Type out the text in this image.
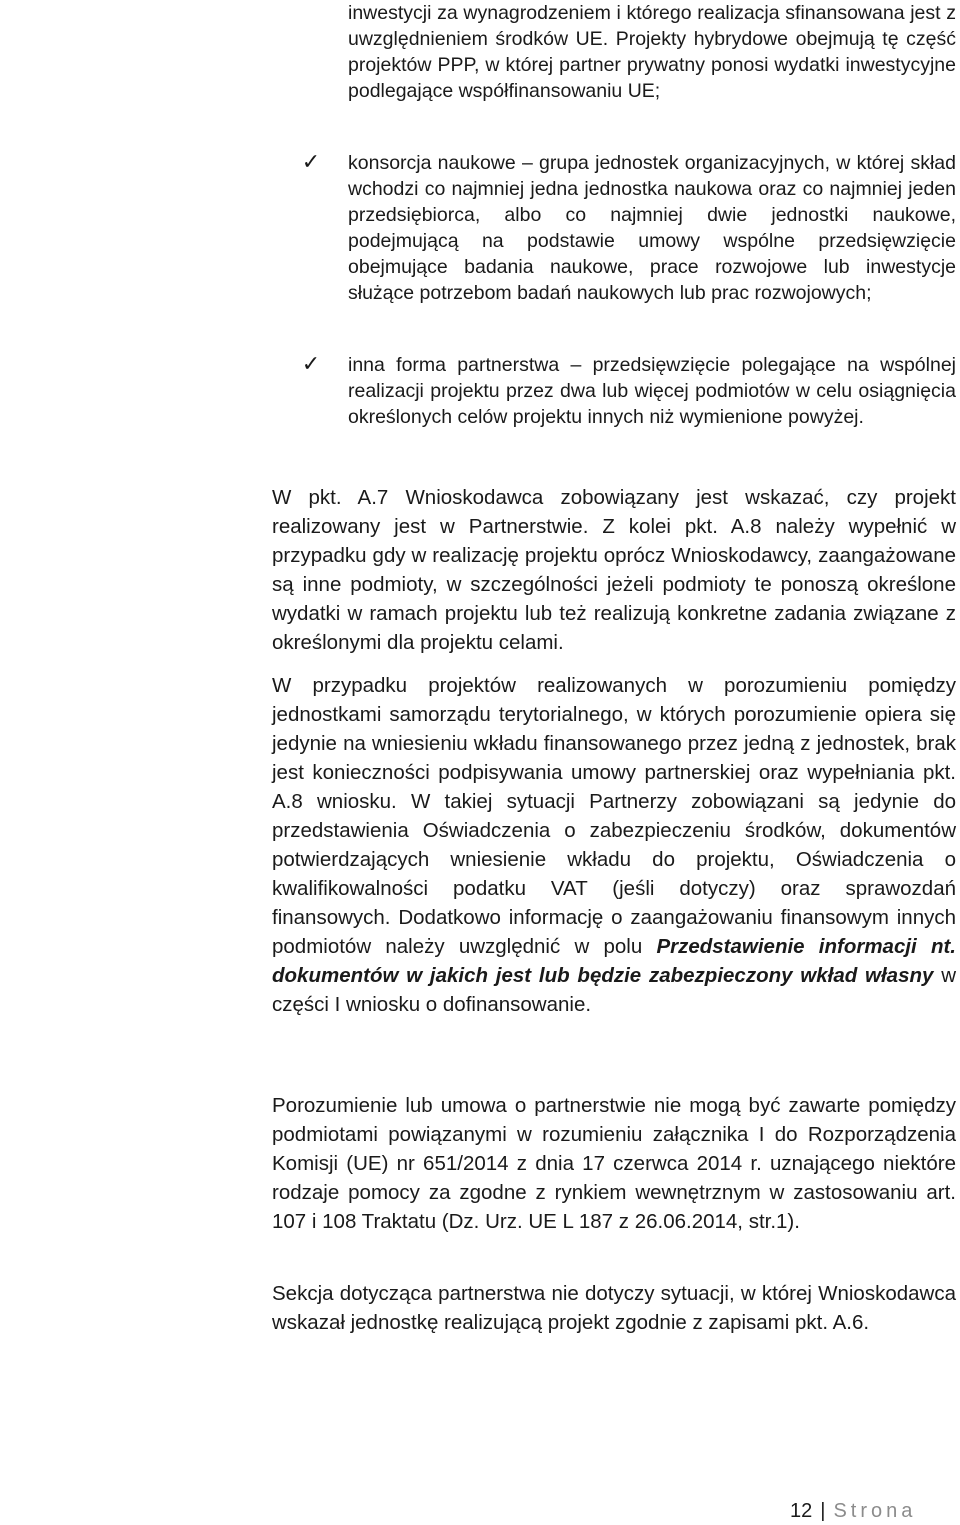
inwestycji za wynagrodzeniem i którego realizacja sfinansowana jest z uwzględnieniem środków UE. Projekty hybrydowe obejmują tę część projektów PPP, w której partner prywatny ponosi wydatki inwestycyjne podlegające współfinansowaniu UE;

✓ konsorcja naukowe – grupa jednostek organizacyjnych, w której skład wchodzi co najmniej jedna jednostka naukowa oraz co najmniej jeden przedsiębiorca, albo co najmniej dwie jednostki naukowe, podejmującą na podstawie umowy wspólne przedsięwzięcie obejmujące badania naukowe, prace rozwojowe lub inwestycje służące potrzebom badań naukowych lub prac rozwojowych;

✓ inna forma partnerstwa – przedsięwzięcie polegające na wspólnej realizacji projektu przez dwa lub więcej podmiotów w celu osiągnięcia określonych celów projektu innych niż wymienione powyżej.

W pkt. A.7 Wnioskodawca zobowiązany jest wskazać, czy projekt realizowany jest w Partnerstwie. Z kolei pkt. A.8 należy wypełnić w przypadku gdy w realizację projektu oprócz Wnioskodawcy, zaangażowane są inne podmioty, w szczególności jeżeli podmioty te ponoszą określone wydatki w ramach projektu lub też realizują konkretne zadania związane z określonymi dla projektu celami.

W przypadku projektów realizowanych w porozumieniu pomiędzy jednostkami samorządu terytorialnego, w których porozumienie opiera się jedynie na wniesieniu wkładu finansowanego przez jedną z jednostek, brak jest konieczności podpisywania umowy partnerskiej oraz wypełniania pkt. A.8 wniosku. W takiej sytuacji Partnerzy zobowiązani są jedynie do przedstawienia Oświadczenia o zabezpieczeniu środków, dokumentów potwierdzających wniesienie wkładu do projektu, Oświadczenia o kwalifikowalności podatku VAT (jeśli dotyczy) oraz sprawozdań finansowych. Dodatkowo informację o zaangażowaniu finansowym innych podmiotów należy uwzględnić w polu Przedstawienie informacji nt. dokumentów w jakich jest lub będzie zabezpieczony wkład własny w części I wniosku o dofinansowanie.

Porozumienie lub umowa o partnerstwie nie mogą być zawarte pomiędzy podmiotami powiązanymi w rozumieniu załącznika I do Rozporządzenia Komisji (UE) nr 651/2014 z dnia 17 czerwca 2014 r. uznającego niektóre rodzaje pomocy za zgodne z rynkiem wewnętrznym w zastosowaniu art. 107 i 108 Traktatu (Dz. Urz. UE L 187 z 26.06.2014, str.1).

Sekcja dotycząca partnerstwa nie dotyczy sytuacji, w której Wnioskodawca wskazał jednostkę realizującą projekt zgodnie z zapisami pkt. A.6.

12 | Strona
